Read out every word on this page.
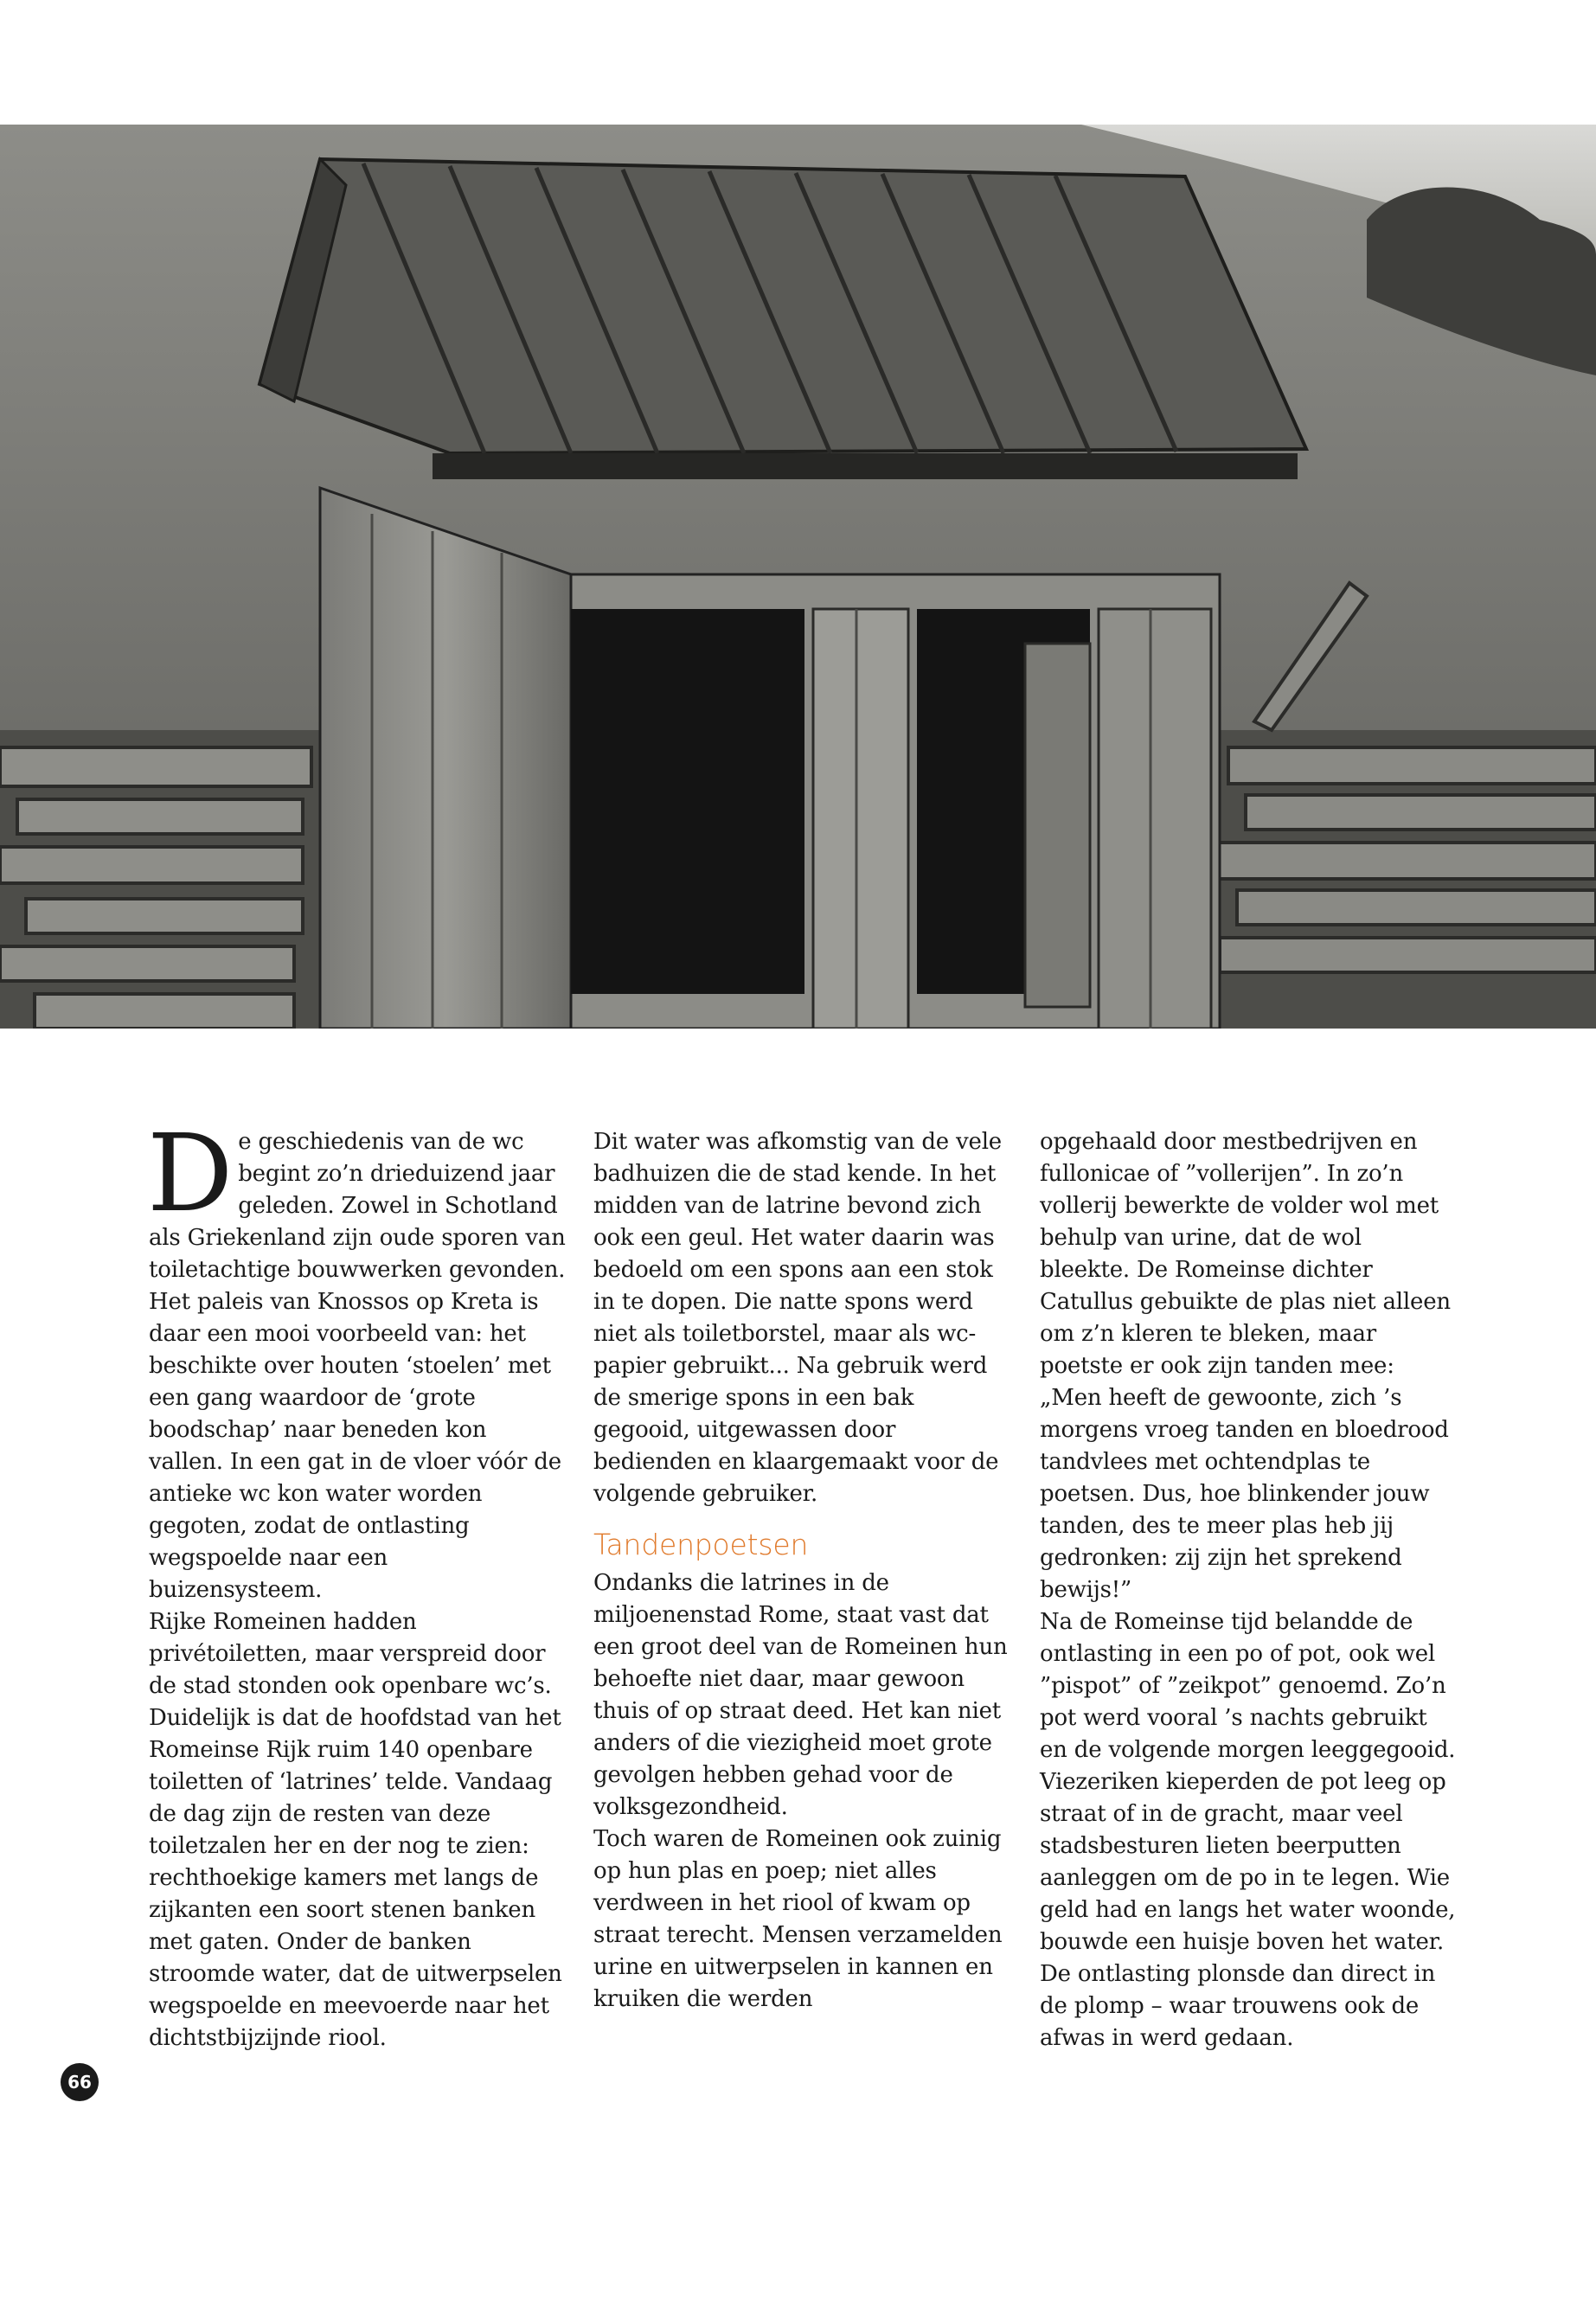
De geschiedenis van de wc begint zo’n drieduizend jaar geleden. Zowel in Schotland als Griekenland zijn oude sporen van toiletachtige bouwwerken gevonden. Het paleis van Knossos op Kreta is daar een mooi voorbeeld van: het beschikte over houten ‘stoelen’ met een gang waardoor de ‘grote boodschap’ naar beneden kon vallen. In een gat in de vloer vóór de antieke wc kon water worden gegoten, zodat de ontlasting wegspoelde naar een buizensysteem.

Rijke Romeinen hadden privétoiletten, maar verspreid door de stad stonden ook openbare wc’s. Duidelijk is dat de hoofdstad van het Romeinse Rijk ruim 140 openbare toiletten of ‘latrines’ telde. Vandaag de dag zijn de resten van deze toiletzalen her en der nog te zien: rechthoekige kamers met langs de zijkanten een soort stenen banken met gaten. Onder de banken stroomde water, dat de uitwerpselen wegspoelde en meevoerde naar het dichtstbijzijnde riool.

Dit water was afkomstig van de vele badhuizen die de stad kende. In het midden van de latrine bevond zich ook een geul. Het water daarin was bedoeld om een spons aan een stok in te dopen. Die natte spons werd niet als toiletborstel, maar als wc-papier gebruikt... Na gebruik werd de smerige spons in een bak gegooid, uitgewassen door bedienden en klaargemaakt voor de volgende gebruiker.

Tandenpoetsen

Ondanks die latrines in de miljoenenstad Rome, staat vast dat een groot deel van de Romeinen hun behoefte niet daar, maar gewoon thuis of op straat deed. Het kan niet anders of die viezigheid moet grote gevolgen hebben gehad voor de volksgezondheid.

Toch waren de Romeinen ook zuinig op hun plas en poep; niet alles verdween in het riool of kwam op straat terecht. Mensen verzamelden urine en uitwerpselen in kannen en kruiken die werden

opgehaald door mestbedrijven en fullonicae of ”vollerijen”. In zo’n vollerij bewerkte de volder wol met behulp van urine, dat de wol bleekte. De Romeinse dichter Catullus gebuikte de plas niet alleen om z’n kleren te bleken, maar poetste er ook zijn tanden mee: „Men heeft de gewoonte, zich ’s morgens vroeg tanden en bloedrood tandvlees met ochtendplas te poetsen. Dus, hoe blinkender jouw tanden, des te meer plas heb jij gedronken: zij zijn het sprekend bewijs!”

Na de Romeinse tijd belandde de ontlasting in een po of pot, ook wel ”pispot” of ”zeikpot” genoemd. Zo’n pot werd vooral ’s nachts gebruikt en de volgende morgen leeggegooid. Viezeriken kieperden de pot leeg op straat of in de gracht, maar veel stadsbesturen lieten beerputten aanleggen om de po in te legen. Wie geld had en langs het water woonde, bouwde een huisje boven het water. De ontlasting plonsde dan direct in de plomp – waar trouwens ook de afwas in werd gedaan.

66
